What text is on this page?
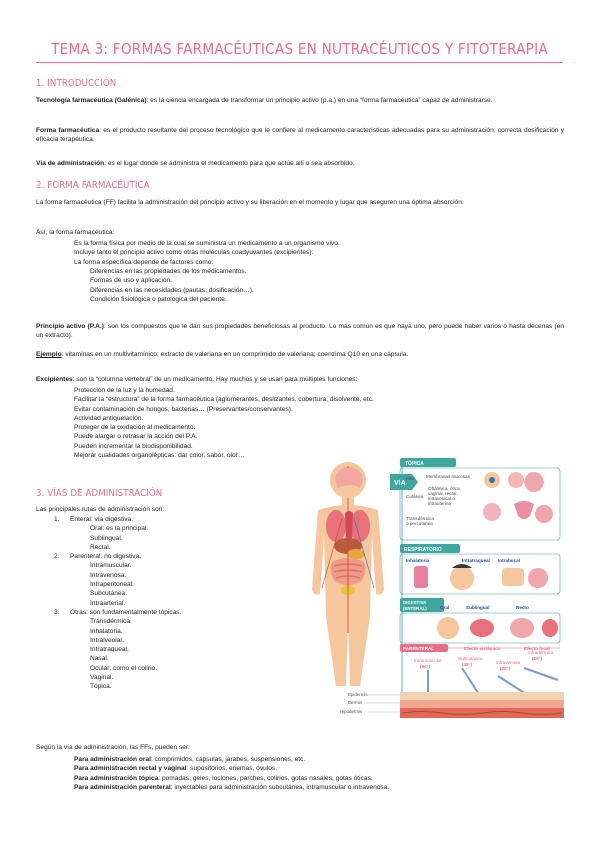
TEMA 3: FORMAS FARMACÉUTICAS EN NUTRACÉUTICOS Y FITOTERAPIA
1. INTRODUCCIÓN

Tecnología farmacéutica (Galénica): es la ciencia encargada de transformar un principio activo (p.a.) en una “forma farmacéutica” capaz de administrarse.

Forma farmacéutica: es el producto resultante del proceso tecnológico que le confiere al medicamento características adecuadas para su administración, correcta dosificación y eficacia terapéutica.

Vía de administración: es el lugar donde se administra el medicamento para que actúe allí o sea absorbido.

2. FORMA FARMACÉUTICA

La forma farmacéutica (FF) facilita la administración del principio activo y su liberación en el momento y lugar que aseguren una óptima absorción.

Así, la forma farmacéutica:

• Es la forma física por medio de la cual se suministra un medicamento a un organismo vivo.
• Incluye tanto el principio activo como otras moléculas coadyuvantes (excipientes).
• La forma específica depende de factores como:
- Diferencias en las propiedades de los medicamentos.
- Formas de uso y aplicación.
- Diferencias en las necesidades (pautas, dosificación…).
- Condición fisiológica o patológica del paciente.

Principio activo (P.A.): son los compuestos que le dan sus propiedades beneficiosas al producto. Lo más común es que haya uno, pero puede haber varios o hasta decenas (en un extracto).

Ejemplo: vitaminas en un multivitamínico; extracto de valeriana en un comprimido de valeriana; coenzima Q10 en una cápsula.

Excipientes: son la “columna vertebral” de un medicamento. Hay muchos y se usan para múltiples funciones:

• Protección de la luz y la humedad.
• Facilitar la “estructura” de la forma farmacéutica (aglomerantes, deslizantes, cobertura, disolvente, etc.
• Evitar contaminación de hongos, bacterias… (Preservantes/conservantes).
• Actividad antiquelación.
• Proteger de la oxidación al medicamento.
• Puede alargar o retrasar la acción del P.A.
• Pueden incrementar la biodisponibilidad.
• Mejorar cualidades organolépticas: dar color, sabor, olor…
3. VÍAS DE ADMINISTRACIÓN

Las principales rutas de administración son:

1. Enteral: vía digestiva.
• Oral: es la principal.
• Sublingual.
• Rectal.
2. Parenteral: no digestiva.
• Intramuscular.
• Intravenosa.
• Intraperitoneal.
• Subcutánea.
• Intraarterial.
3. Otras: son fundamentalmente tópicas.
• Transdérmica.
• Inhalatoria.
• Intralveolar.
• Intratraqueal.
• Nasal.
• Ocular: como el colirio.
• Vaginal.
• Tópica.

Según la vía de administración, las FFs, pueden ser:

• Para administración oral: comprimidos, cápsulas, jarabes, suspensiones, etc.
• Para administración rectal y vaginal: supositorios, enemas, óvulos.
• Para administración tópica: pomadas, geles, lociones, parches, colirios, gotas nasales, gotas óticas.
• Para administración parenteral: inyectables para administración subcutánea, intramuscular o intravenosa.
VÍA
TÓPICA
Piel	Membranas mucosas
Cutánea
Oftálmica, ótica,
vaginal, rectal,
intravesical o
intrauterina
Transdérmica
o percutánea
RESPIRATORIO
Inhalatoria	Intratraqueal Intrabucal
DIGESTIVA
(ENTERAL)	Oral	Sublingual	Recto
PARENTERAL	Efecto sistémico	Efecto local
Intramuscular
(90°)
Subcutánea
(45°)	Intravenosa
(25°)
Intradérmica
(10°)
Epidermis
Dermis
Hipodermis
